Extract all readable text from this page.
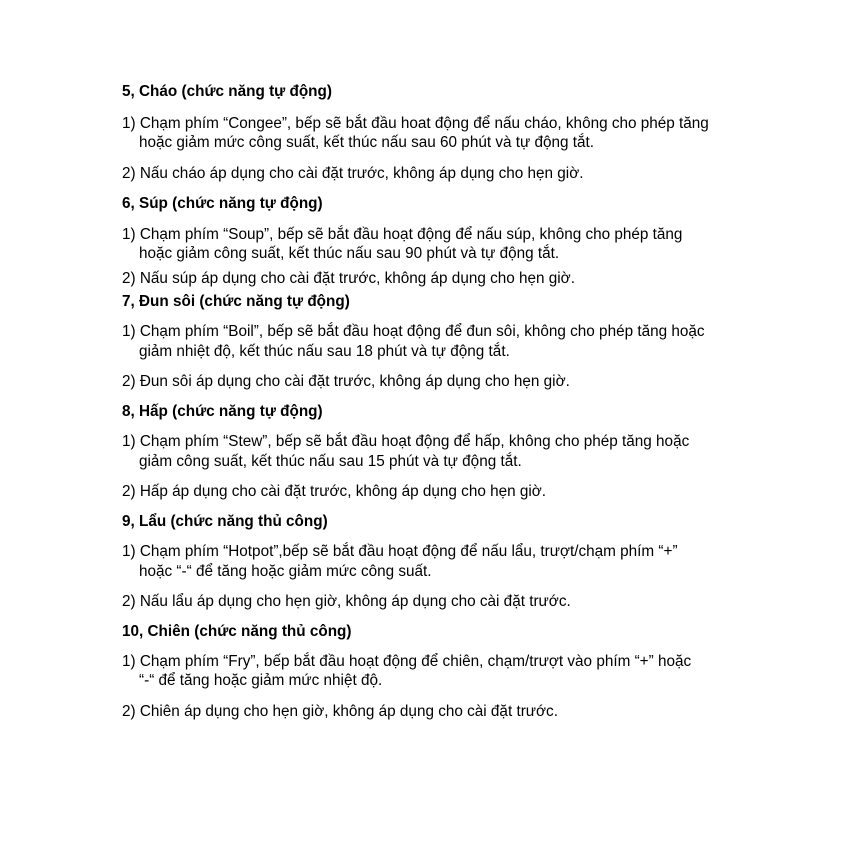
5, Cháo (chức năng tự động)
1) Chạm phím “Congee”, bếp sẽ bắt đầu hoat động để nấu cháo, không cho phép tăng
hoặc giảm mức công suất, kết thúc nấu sau 60 phút và tự động tắt.
2) Nấu cháo áp dụng cho cài đặt trước, không áp dụng cho hẹn giờ.
6, Súp (chức năng tự động)
1) Chạm phím “Soup”, bếp sẽ bắt đầu hoạt động để nấu súp, không cho phép tăng
hoặc giảm công suất, kết thúc nấu sau 90 phút và tự động tắt.
2) Nấu súp áp dụng cho cài đặt trước, không áp dụng cho hẹn giờ.
7, Đun sôi (chức năng tự động)
1) Chạm phím “Boil”, bếp sẽ bắt đầu hoạt động để đun sôi, không cho phép tăng hoặc
giảm nhiệt độ, kết thúc nấu sau 18 phút và tự động tắt.
2) Đun sôi áp dụng cho cài đặt trước, không áp dụng cho hẹn giờ.
8, Hấp (chức năng tự động)
1) Chạm phím “Stew”, bếp sẽ bắt đầu hoạt động để hấp, không cho phép tăng hoặc
giảm công suất, kết thúc nấu sau 15 phút và tự động tắt.
2) Hấp áp dụng cho cài đặt trước, không áp dụng cho hẹn giờ.
9, Lẩu (chức năng thủ công)
1) Chạm phím “Hotpot”,bếp sẽ bắt đầu hoạt động để nấu lẩu, trượt/chạm phím “+”
hoặc “-“ để tăng hoặc giảm mức công suất.
2) Nấu lẩu áp dụng cho hẹn giờ, không áp dụng cho cài đặt trước.
10, Chiên (chức năng thủ công)
1) Chạm phím “Fry”, bếp bắt đầu hoạt động để chiên, chạm/trượt vào phím “+” hoặc
“-“ để tăng hoặc giảm mức nhiệt độ.
2) Chiên áp dụng cho hẹn giờ, không áp dụng cho cài đặt trước.
